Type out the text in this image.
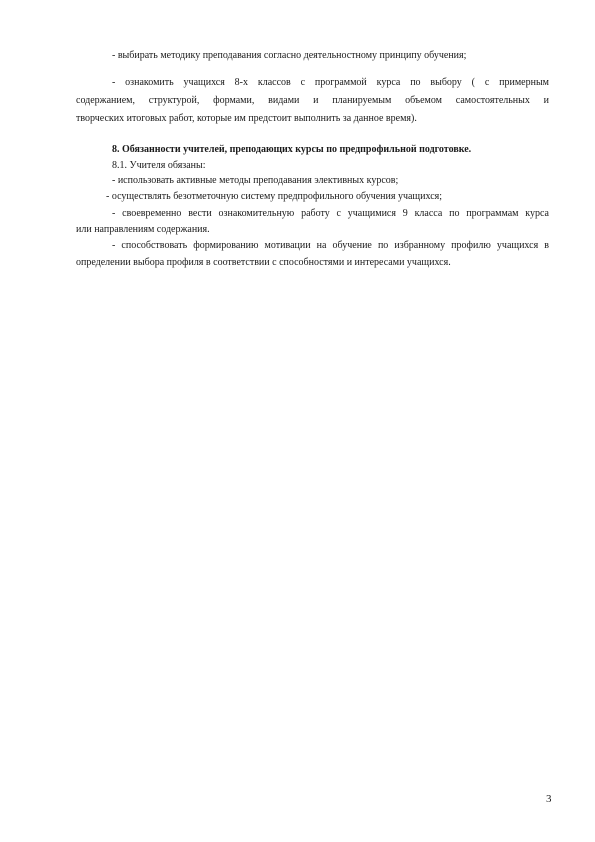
- выбирать методику преподавания согласно деятельностному принципу обучения;
- ознакомить учащихся 8-х классов с программой курса по выбору ( с примерным
содержанием, структурой, формами, видами и планируемым объемом самостоятельных и
творческих итоговых работ, которые им предстоит выполнить за данное время).
8. Обязанности учителей, преподающих курсы по предпрофильной подготовке.
8.1. Учителя обязаны:
- использовать активные методы преподавания элективных курсов;
- осуществлять безотметочную систему предпрофильного обучения учащихся;
- своевременно вести ознакомительную работу с учащимися 9 класса по программам курса
или направлениям содержания.
- способствовать формированию мотивации на обучение по избранному профилю учащихся в
определении выбора профиля в соответствии с способностями и интересами учащихся.
3
